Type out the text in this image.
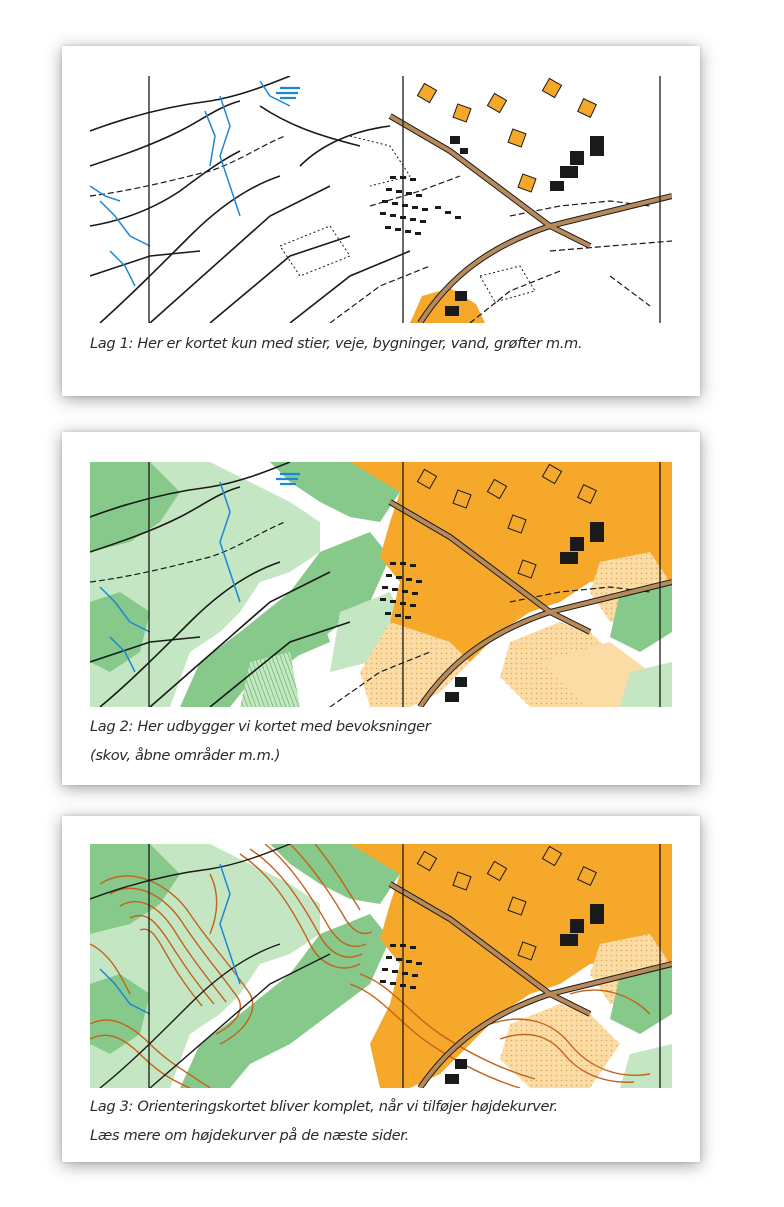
Lag 1: Her er kortet kun med stier, veje, bygninger, vand, grøfter m.m.

Lag 2: Her udbygger vi kortet med bevoksninger
(skov, åbne områder m.m.)

Lag 3: Orienteringskortet bliver komplet, når vi tilføjer højdekurver.
Læs mere om højdekurver på de næste sider.
